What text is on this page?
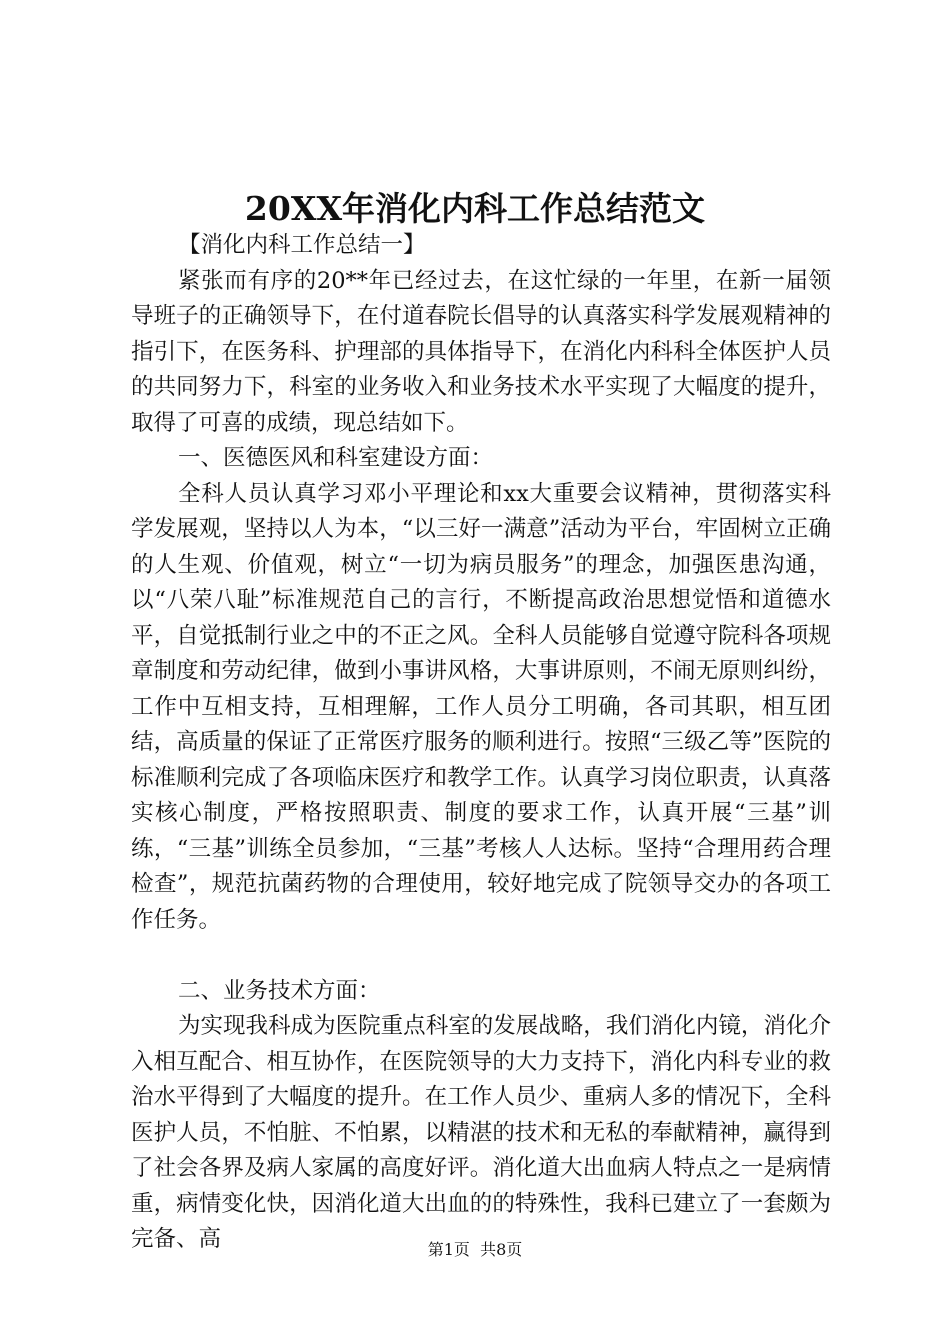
20XX年消化内科工作总结范文

【消化内科工作总结一】

紧张而有序的20**年已经过去，在这忙绿的一年里，在新一届领导班子的正确领导下，在付道春院长倡导的认真落实科学发展观精神的指引下，在医务科、护理部的具体指导下，在消化内科科全体医护人员的共同努力下，科室的业务收入和业务技术水平实现了大幅度的提升，取得了可喜的成绩，现总结如下。

一、医德医风和科室建设方面：

全科人员认真学习邓小平理论和xx大重要会议精神，贯彻落实科学发展观，坚持以人为本，“以三好一满意”活动为平台，牢固树立正确的人生观、价值观，树立“一切为病员服务”的理念，加强医患沟通，以“八荣八耻”标准规范自己的言行，不断提高政治思想觉悟和道德水平，自觉抵制行业之中的不正之风。全科人员能够自觉遵守院科各项规章制度和劳动纪律，做到小事讲风格，大事讲原则，不闹无原则纠纷，工作中互相支持，互相理解，工作人员分工明确，各司其职，相互团结，高质量的保证了正常医疗服务的顺利进行。按照“三级乙等”医院的标准顺利完成了各项临床医疗和教学工作。认真学习岗位职责，认真落实核心制度，严格按照职责、制度的要求工作，认真开展“三基”训练，“三基”训练全员参加，“三基”考核人人达标。坚持“合理用药合理检查”，规范抗菌药物的合理使用，较好地完成了院领导交办的各项工作任务。

二、业务技术方面：

为实现我科成为医院重点科室的发展战略，我们消化内镜，消化介入相互配合、相互协作，在医院领导的大力支持下，消化内科专业的救治水平得到了大幅度的提升。在工作人员少、重病人多的情况下，全科医护人员，不怕脏、不怕累，以精湛的技术和无私的奉献精神，赢得到了社会各界及病人家属的高度好评。消化道大出血病人特点之一是病情重，病情变化快，因消化道大出血的的特殊性，我科已建立了一套颇为完备、高	第1页  共8页
